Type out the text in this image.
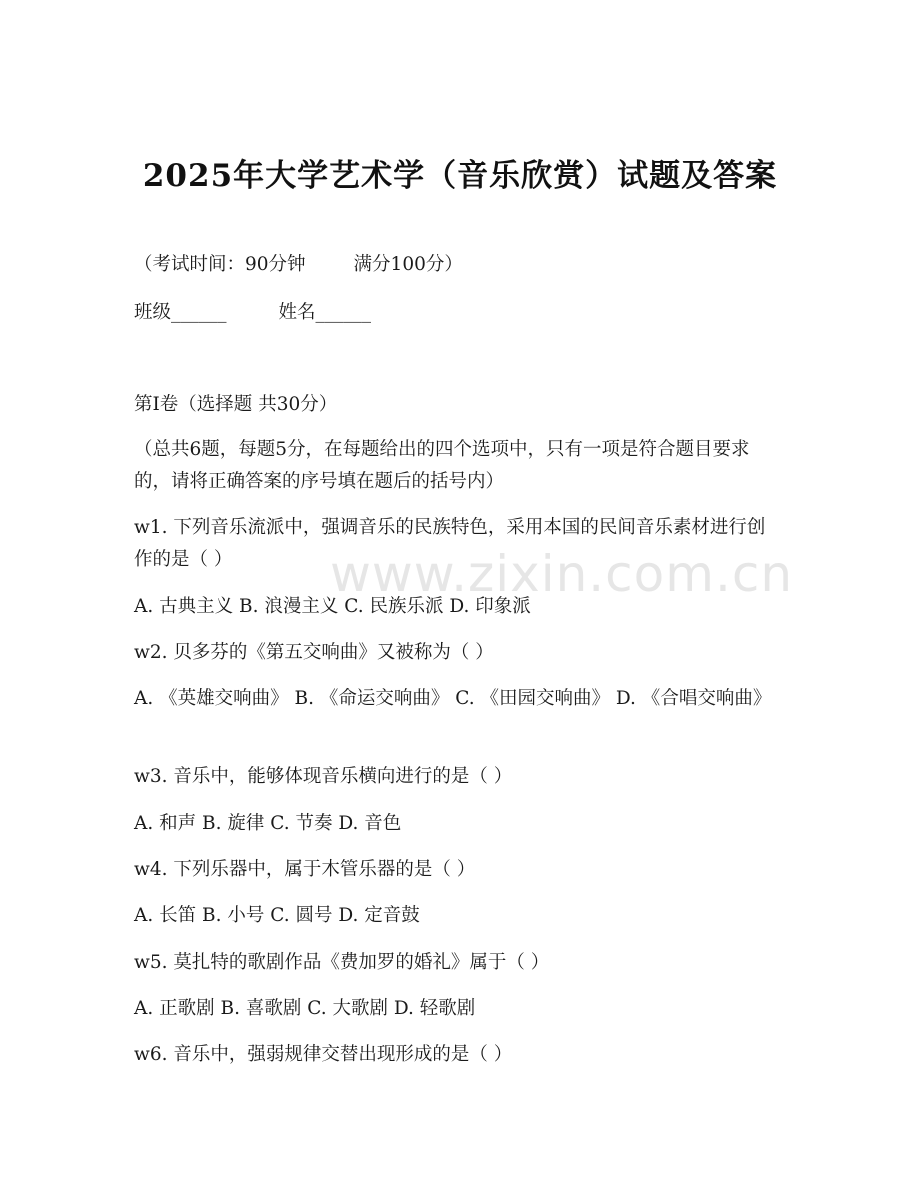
www.zixin.com.cn
2025年大学艺术学（音乐欣赏）试题及答案
（考试时间：90分钟	满分100分）
班级______	姓名______
第I卷（选择题 共30分）
（总共6题，每题5分，在每题给出的四个选项中，只有一项是符合题目要求的，请将正确答案的序号填在题后的括号内）
w1. 下列音乐流派中，强调音乐的民族特色，采用本国的民间音乐素材进行创作的是（ ）
A. 古典主义 B. 浪漫主义 C. 民族乐派 D. 印象派
w2. 贝多芬的《第五交响曲》又被称为（ ）
A. 《英雄交响曲》 B. 《命运交响曲》 C. 《田园交响曲》 D. 《合唱交响曲》
w3. 音乐中，能够体现音乐横向进行的是（ ）
A. 和声 B. 旋律 C. 节奏 D. 音色
w4. 下列乐器中，属于木管乐器的是（ ）
A. 长笛 B. 小号 C. 圆号 D. 定音鼓
w5. 莫扎特的歌剧作品《费加罗的婚礼》属于（ ）
A. 正歌剧 B. 喜歌剧 C. 大歌剧 D. 轻歌剧
w6. 音乐中，强弱规律交替出现形成的是（ ）
